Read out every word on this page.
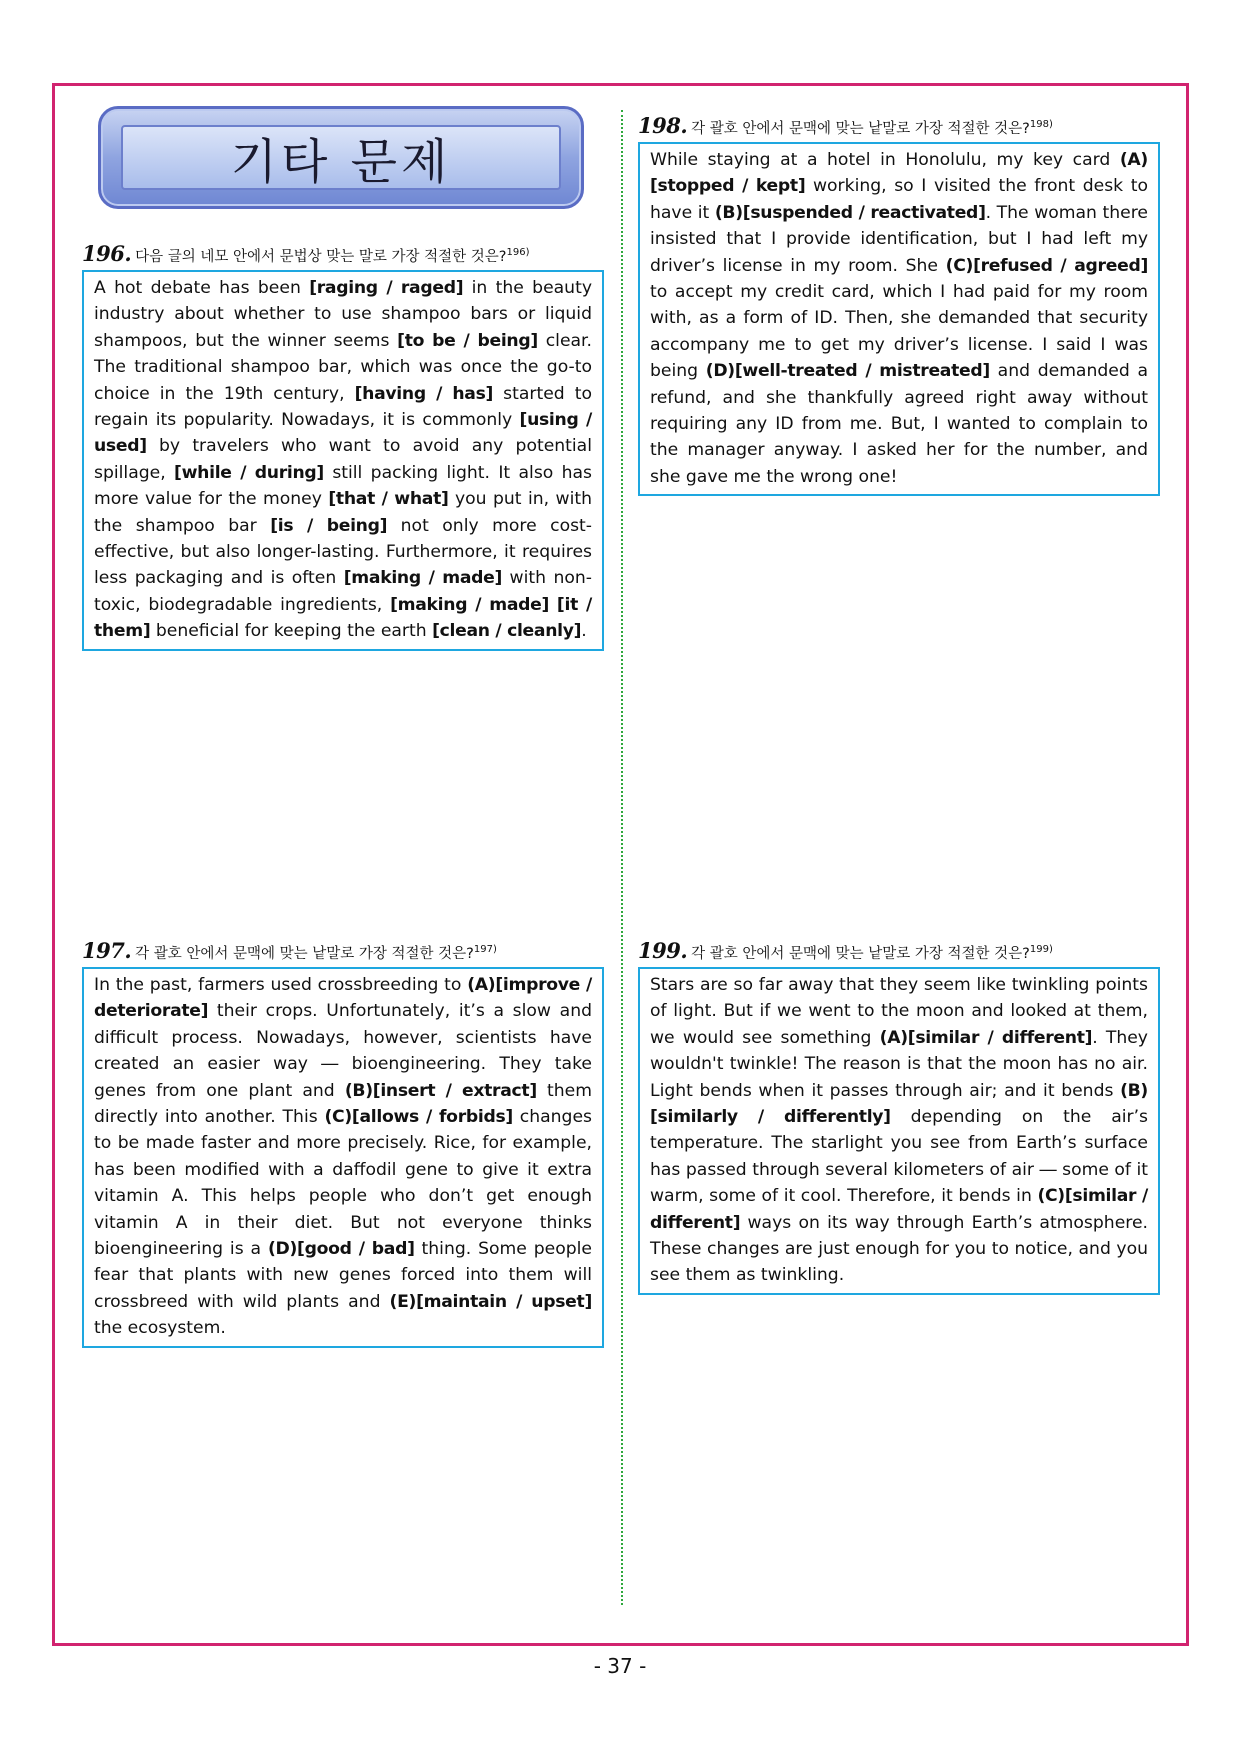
기타 문제
196. 다음 글의 네모 안에서 문법상 맞는 말로 가장 적절한 것은?$^{196)}$
A hot debate has been [raging / raged] in the beauty industry about whether to use shampoo bars or liquid shampoos, but the winner seems [to be / being] clear. The traditional shampoo bar, which was once the go-to choice in the 19th century, [having / has] started to regain its popularity. Nowadays, it is commonly [using / used] by travelers who want to avoid any potential spillage, [while / during] still packing light. It also has more value for the money [that / what] you put in, with the shampoo bar [is / being] not only more cost-effective, but also longer-lasting. Furthermore, it requires less packaging and is often [making / made] with non-toxic, biodegradable ingredients, [making / made] [it / them] beneficial for keeping the earth [clean / cleanly].
197. 각 괄호 안에서 문맥에 맞는 낱말로 가장 적절한 것은?$^{197)}$
In the past, farmers used crossbreeding to (A)[improve / deteriorate] their crops. Unfortunately, it’s a slow and difficult process. Nowadays, however, scientists have created an easier way ― bioengineering. They take genes from one plant and (B)[insert / extract] them directly into another. This (C)[allows / forbids] changes to be made faster and more precisely. Rice, for example, has been modified with a daffodil gene to give it extra vitamin A. This helps people who don’t get enough vitamin A in their diet. But not everyone thinks bioengineering is a (D)[good / bad] thing. Some people fear that plants with new genes forced into them will crossbreed with wild plants and (E)[maintain / upset] the ecosystem.
198. 각 괄호 안에서 문맥에 맞는 낱말로 가장 적절한 것은?$^{198)}$
While staying at a hotel in Honolulu, my key card (A)[stopped / kept] working, so I visited the front desk to have it (B)[suspended / reactivated]. The woman there insisted that I provide identification, but I had left my driver’s license in my room. She (C)[refused / agreed] to accept my credit card, which I had paid for my room with, as a form of ID. Then, she demanded that security accompany me to get my driver’s license. I said I was being (D)[well-treated / mistreated] and demanded a refund, and she thankfully agreed right away without requiring any ID from me. But, I wanted to complain to the manager anyway. I asked her for the number, and she gave me the wrong one!
199. 각 괄호 안에서 문맥에 맞는 낱말로 가장 적절한 것은?$^{199)}$
Stars are so far away that they seem like twinkling points of light. But if we went to the moon and looked at them, we would see something (A)[similar / different]. They wouldn't twinkle! The reason is that the moon has no air. Light bends when it passes through air; and it bends (B)[similarly / differently] depending on the air’s temperature. The starlight you see from Earth’s surface has passed through several kilometers of air ― some of it warm, some of it cool. Therefore, it bends in (C)[similar / different] ways on its way through Earth’s atmosphere. These changes are just enough for you to notice, and you see them as twinkling.
- 37 -
